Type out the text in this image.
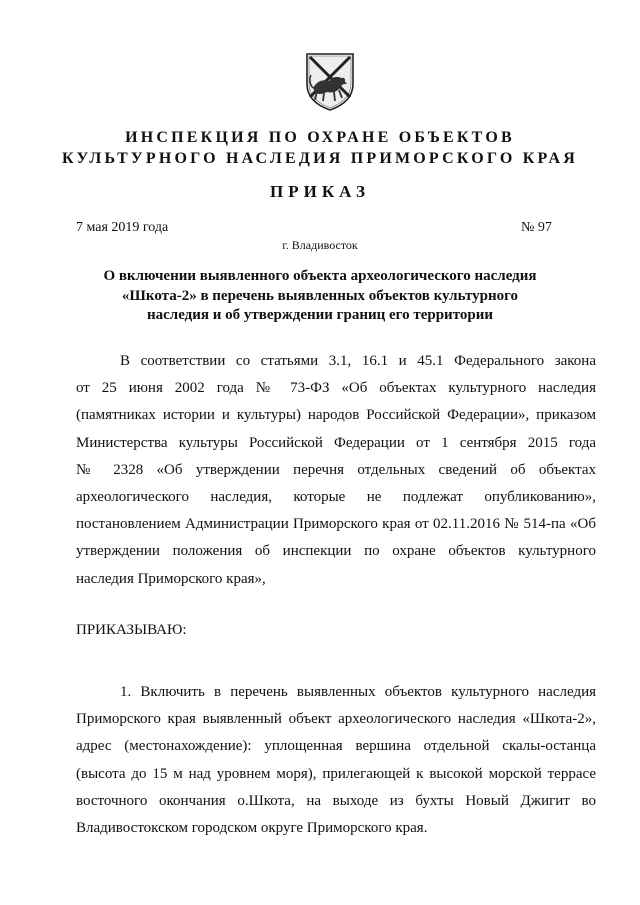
ИНСПЕКЦИЯ ПО ОХРАНЕ ОБЪЕКТОВ
КУЛЬТУРНОГО НАСЛЕДИЯ ПРИМОРСКОГО КРАЯ
ПРИКАЗ
7 мая 2019 года	№ 97
г. Владивосток
О включении выявленного объекта археологического наследия
«Шкота-2» в перечень выявленных объектов культурного
наследия и об утверждении границ его территории
В соответствии со статьями 3.1, 16.1 и 45.1 Федерального закона
от 25 июня 2002 года № 73-ФЗ «Об объектах культурного наследия
(памятниках истории и культуры) народов Российской Федерации», приказом
Министерства культуры Российской Федерации от 1 сентября 2015 года
№ 2328 «Об утверждении перечня отдельных сведений об объектах
археологического наследия, которые не подлежат опубликованию»,
постановлением Администрации Приморского края от 02.11.2016 № 514-па «Об
утверждении положения об инспекции по охране объектов культурного
наследия Приморского края»,
ПРИКАЗЫВАЮ:
1. Включить в перечень выявленных объектов культурного наследия
Приморского края выявленный объект археологического наследия «Шкота-2»,
адрес (местонахождение): уплощенная вершина отдельной скалы-останца
(высота до 15 м над уровнем моря), прилегающей к высокой морской террасе
восточного окончания о.Шкота, на выходе из бухты Новый Джигит во
Владивостокском городском округе Приморского края.
